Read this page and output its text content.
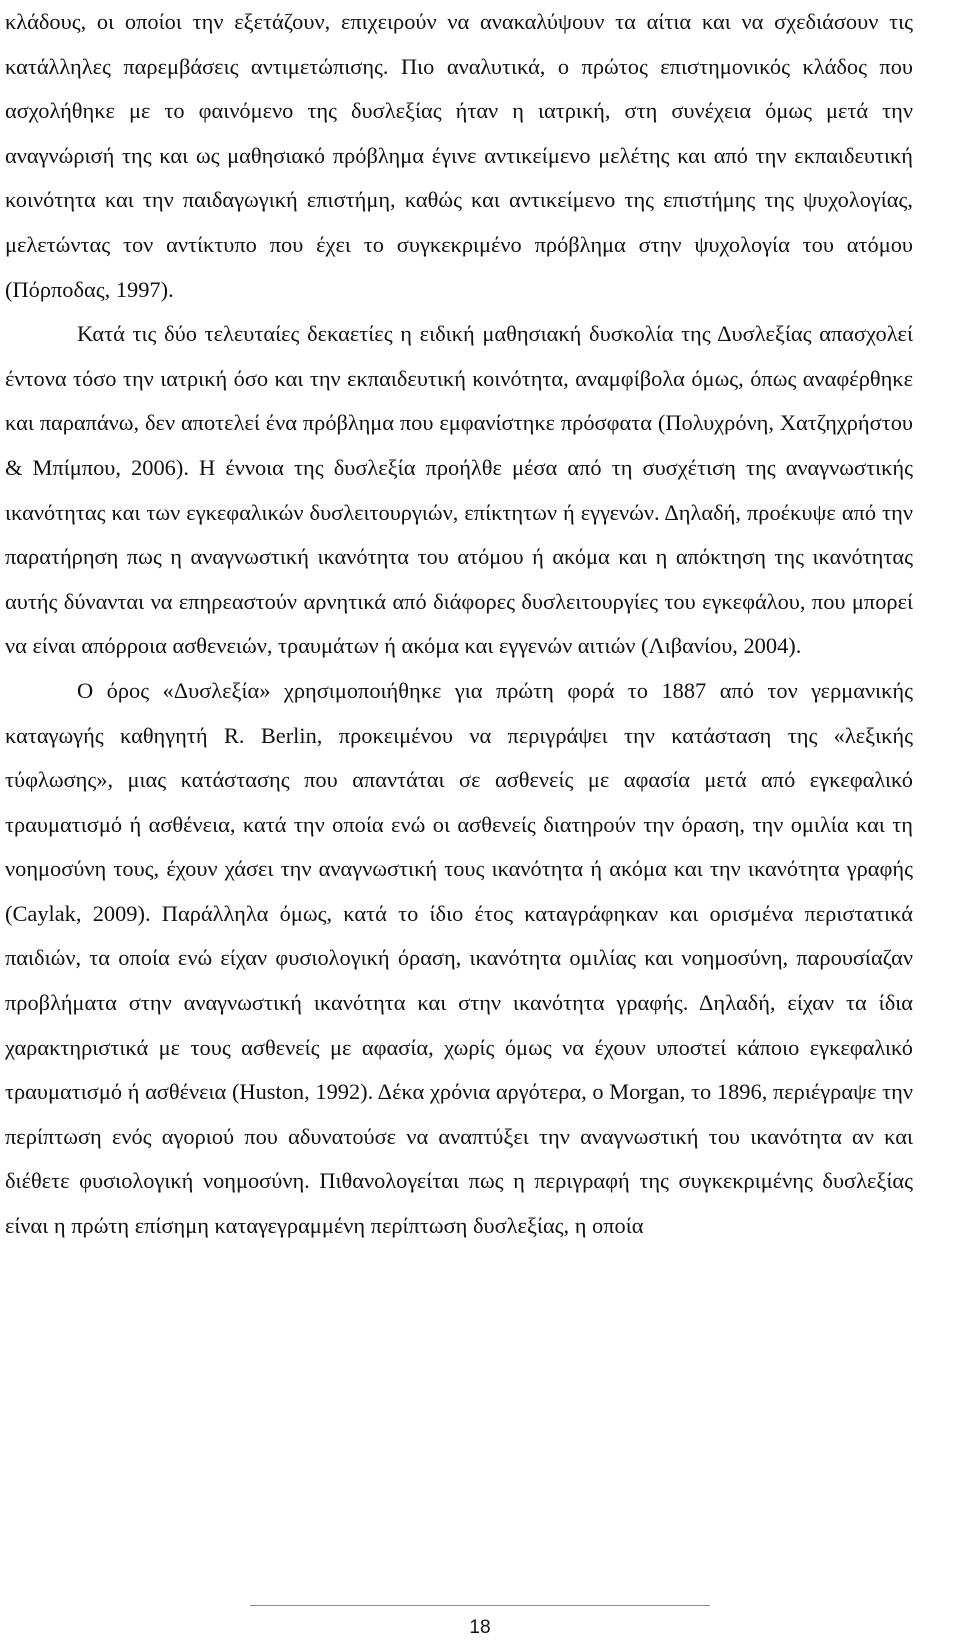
κλάδους, οι οποίοι την εξετάζουν, επιχειρούν να ανακαλύψουν τα αίτια και να σχεδιάσουν τις κατάλληλες παρεμβάσεις αντιμετώπισης. Πιο αναλυτικά, ο πρώτος επιστημονικός κλάδος που ασχολήθηκε με το φαινόμενο της δυσλεξίας ήταν η ιατρική, στη συνέχεια όμως μετά την αναγνώρισή της και ως μαθησιακό πρόβλημα έγινε αντικείμενο μελέτης και από την εκπαιδευτική κοινότητα και την παιδαγωγική επιστήμη, καθώς και αντικείμενο της επιστήμης της ψυχολογίας, μελετώντας τον αντίκτυπο που έχει το συγκεκριμένο πρόβλημα στην ψυχολογία του ατόμου (Πόρποδας, 1997).

Κατά τις δύο τελευταίες δεκαετίες η ειδική μαθησιακή δυσκολία της Δυσλεξίας απασχολεί έντονα τόσο την ιατρική όσο και την εκπαιδευτική κοινότητα, αναμφίβολα όμως, όπως αναφέρθηκε και παραπάνω, δεν αποτελεί ένα πρόβλημα που εμφανίστηκε πρόσφατα (Πολυχρόνη, Χατζηχρήστου & Μπίμπου, 2006). Η έννοια της δυσλεξία προήλθε μέσα από τη συσχέτιση της αναγνωστικής ικανότητας και των εγκεφαλικών δυσλειτουργιών, επίκτητων ή εγγενών. Δηλαδή, προέκυψε από την παρατήρηση πως η αναγνωστική ικανότητα του ατόμου ή ακόμα και η απόκτηση της ικανότητας αυτής δύνανται να επηρεαστούν αρνητικά από διάφορες δυσλειτουργίες του εγκεφάλου, που μπορεί να είναι απόρροια ασθενειών, τραυμάτων ή ακόμα και εγγενών αιτιών (Λιβανίου, 2004).

Ο όρος «Δυσλεξία» χρησιμοποιήθηκε για πρώτη φορά το 1887 από τον γερμανικής καταγωγής καθηγητή R. Berlin, προκειμένου να περιγράψει την κατάσταση της «λεξικής τύφλωσης», μιας κατάστασης που απαντάται σε ασθενείς με αφασία μετά από εγκεφαλικό τραυματισμό ή ασθένεια, κατά την οποία ενώ οι ασθενείς διατηρούν την όραση, την ομιλία και τη νοημοσύνη τους, έχουν χάσει την αναγνωστική τους ικανότητα ή ακόμα και την ικανότητα γραφής (Caylak, 2009). Παράλληλα όμως, κατά το ίδιο έτος καταγράφηκαν και ορισμένα περιστατικά παιδιών, τα οποία ενώ είχαν φυσιολογική όραση, ικανότητα ομιλίας και νοημοσύνη, παρουσίαζαν προβλήματα στην αναγνωστική ικανότητα και στην ικανότητα γραφής. Δηλαδή, είχαν τα ίδια χαρακτηριστικά με τους ασθενείς με αφασία, χωρίς όμως να έχουν υποστεί κάποιο εγκεφαλικό τραυματισμό ή ασθένεια (Huston, 1992). Δέκα χρόνια αργότερα, ο Morgan, το 1896, περιέγραψε την περίπτωση ενός αγοριού που αδυνατούσε να αναπτύξει την αναγνωστική του ικανότητα αν και διέθετε φυσιολογική νοημοσύνη. Πιθανολογείται πως η περιγραφή της συγκεκριμένης δυσλεξίας είναι η πρώτη επίσημη καταγεγραμμένη περίπτωση δυσλεξίας, η οποία

18
